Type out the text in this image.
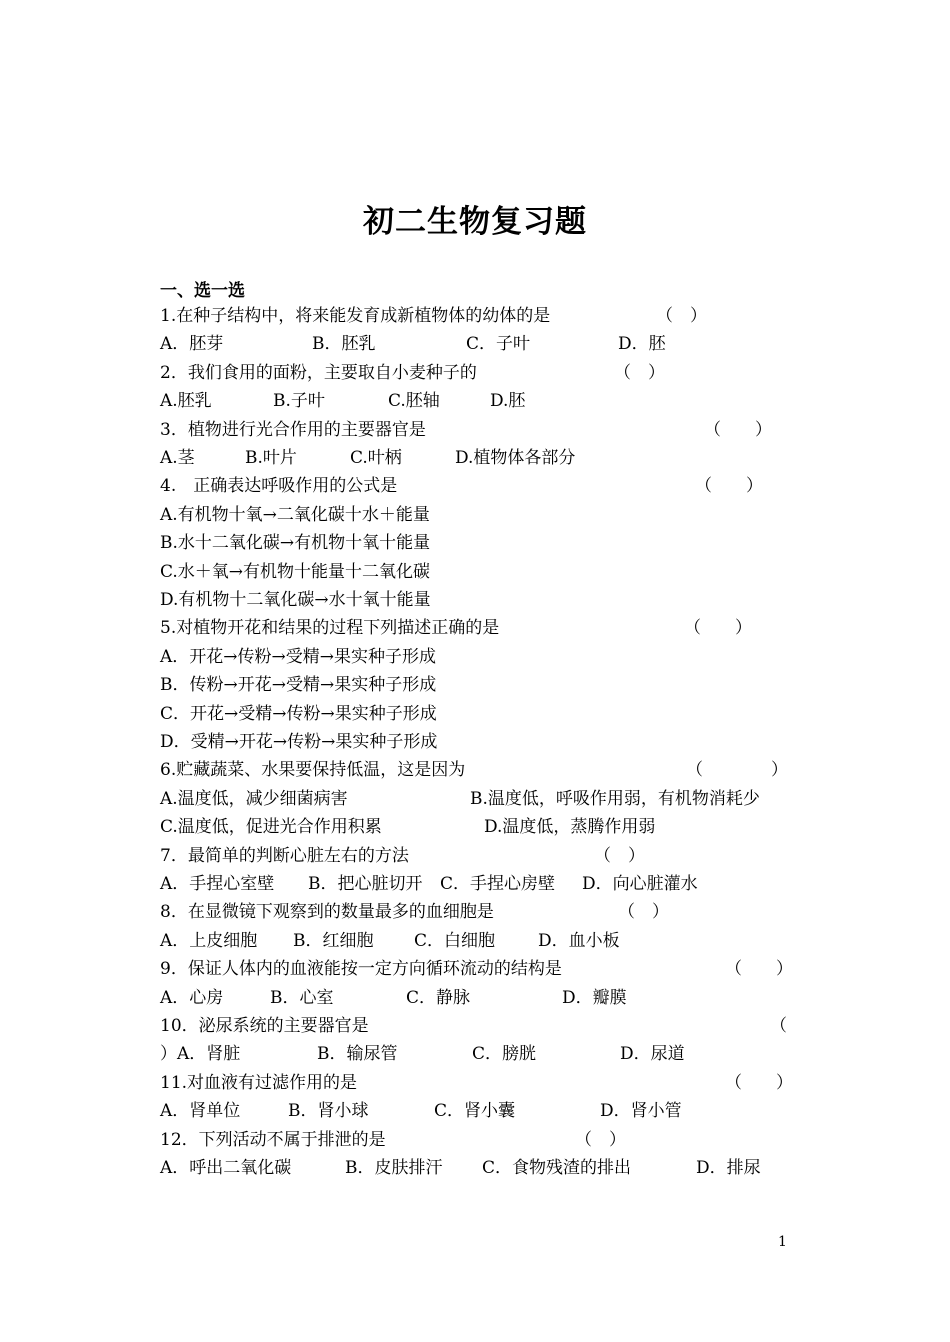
初二生物复习题
一、选一选
1.在种子结构中，将来能发育成新植物体的幼体的是	（　）
A．胚芽	B．胚乳	C．子叶	D．胚
2．我们食用的面粉，主要取自小麦种子的	（　）
A.胚乳	B.子叶	C.胚轴	D.胚
3．植物进行光合作用的主要器官是	（　　）
A.茎	B.叶片	C.叶柄	D.植物体各部分
4.　正确表达呼吸作用的公式是	（　　）
A.有机物十氧→二氧化碳十水＋能量
B.水十二氧化碳→有机物十氧十能量
C.水＋氧→有机物十能量十二氧化碳
D.有机物十二氧化碳→水十氧十能量
5.对植物开花和结果的过程下列描述正确的是	（　　）
A．开花→传粉→受精→果实种子形成
B．传粉→开花→受精→果实种子形成
C．开花→受精→传粉→果实种子形成
D．受精→开花→传粉→果实种子形成
6.贮藏蔬菜、水果要保持低温，这是因为	（　　　　）
A.温度低，减少细菌病害	B.温度低，呼吸作用弱，有机物消耗少
C.温度低，促进光合作用积累	D.温度低，蒸腾作用弱
7．最简单的判断心脏左右的方法	（　）
A．手捏心室壁 B．把心脏切开 C．手捏心房壁 D．向心脏灌水
8．在显微镜下观察到的数量最多的血细胞是	（　）
A．上皮细胞 B．红细胞 C．白细胞	D．血小板
9．保证人体内的血液能按一定方向循环流动的结构是	（　　）
A．心房	B．心室	C．静脉	D．瓣膜
10．泌尿系统的主要器官是	（
）A．肾脏	B．输尿管	C．膀胱	D．尿道
11.对血液有过滤作用的是	（　　）
A．肾单位	B．肾小球	C．肾小囊	D．肾小管
12．下列活动不属于排泄的是	（　）
A．呼出二氧化碳	B．皮肤排汗 C．食物残渣的排出	D．排尿
1
